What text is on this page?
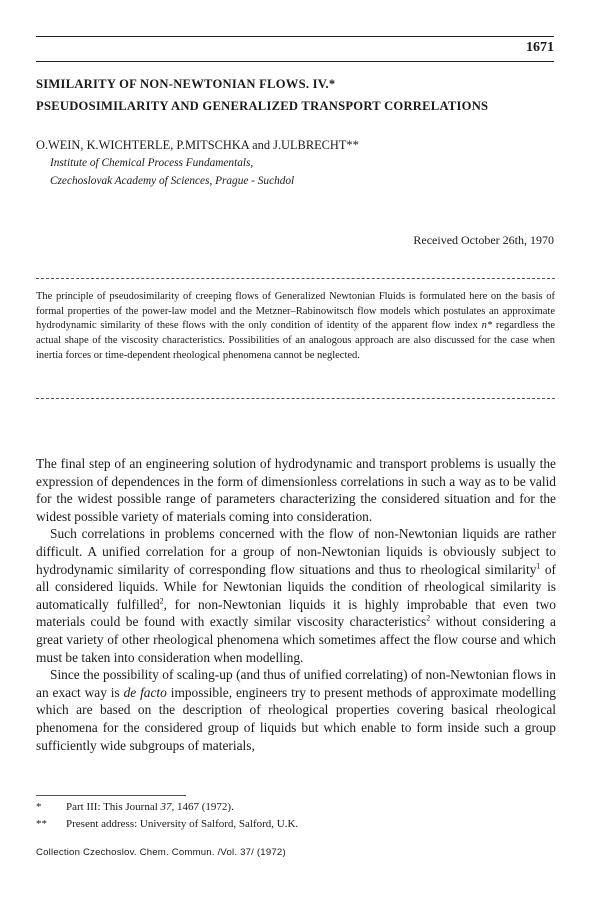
1671
SIMILARITY OF NON-NEWTONIAN FLOWS. IV.*
PSEUDOSIMILARITY AND GENERALIZED TRANSPORT CORRELATIONS
O.WEIN, K.WICHTERLE, P.MITSCHKA and J.ULBRECHT**
Institute of Chemical Process Fundamentals,
Czechoslovak Academy of Sciences, Prague - Suchdol
Received October 26th, 1970

The principle of pseudosimilarity of creeping flows of Generalized Newtonian Fluids is formulated here on the basis of formal properties of the power-law model and the Metzner–Rabinowitsch flow models which postulates an approximate hydrodynamic similarity of these flows with the only condition of identity of the apparent flow index n* regardless the actual shape of the viscosity characteristics. Possibilities of an analogous approach are also discussed for the case when inertia forces or time-dependent rheological phenomena cannot be neglected.

The final step of an engineering solution of hydrodynamic and transport problems is usually the expression of dependences in the form of dimensionless correlations in such a way as to be valid for the widest possible range of parameters characterizing the considered situation and for the widest possible variety of materials coming into consideration.

Such correlations in problems concerned with the flow of non-Newtonian liquids are rather difficult. A unified correlation for a group of non-Newtonian liquids is obviously subject to hydrodynamic similarity of corresponding flow situations and thus to rheological similarity$^1$ of all considered liquids. While for Newtonian liquids the condition of rheological similarity is automatically fulfilled$^2$, for non-Newtonian liquids it is highly improbable that even two materials could be found with exactly similar viscosity characteristics$^2$ without considering a great variety of other rheological phenomena which sometimes affect the flow course and which must be taken into consideration when modelling.

Since the possibility of scaling-up (and thus of unified correlating) of non-Newtonian flows in an exact way is de facto impossible, engineers try to present methods of approximate modelling which are based on the description of rheological properties covering basical rheological phenomena for the considered group of liquids but which enable to form inside such a group sufficiently wide subgroups of materials,

* Part III: This Journal 37, 1467 (1972).
** Present address: University of Salford, Salford, U.K.
Collection Czechoslov. Chem. Commun. /Vol. 37/ (1972)
